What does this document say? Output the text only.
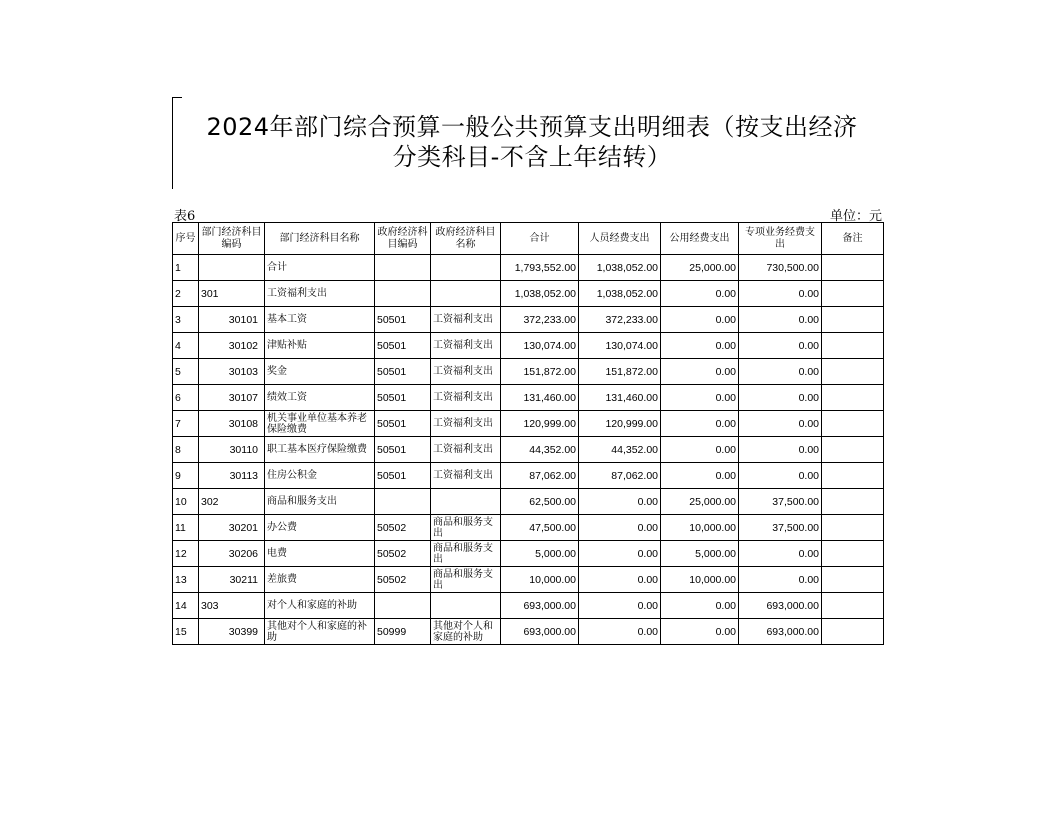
2024年部门综合预算一般公共预算支出明细表（按支出经济
分类科目-不含上年结转）
表6	单位：元
序号	部门经济科目编码	部门经济科目名称	政府经济科目编码	政府经济科目名称	合计	人员经费支出	公用经费支出	专项业务经费支出	备注
1		合计			1,793,552.00	1,038,052.00	25,000.00	730,500.00	
2	301	工资福利支出			1,038,052.00	1,038,052.00	0.00	0.00	
3	30101	基本工资	50501	工资福利支出	372,233.00	372,233.00	0.00	0.00	
4	30102	津贴补贴	50501	工资福利支出	130,074.00	130,074.00	0.00	0.00	
5	30103	奖金	50501	工资福利支出	151,872.00	151,872.00	0.00	0.00	
6	30107	绩效工资	50501	工资福利支出	131,460.00	131,460.00	0.00	0.00	
7	30108	机关事业单位基本养老保险缴费	50501	工资福利支出	120,999.00	120,999.00	0.00	0.00	
8	30110	职工基本医疗保险缴费	50501	工资福利支出	44,352.00	44,352.00	0.00	0.00	
9	30113	住房公积金	50501	工资福利支出	87,062.00	87,062.00	0.00	0.00	
10	302	商品和服务支出			62,500.00	0.00	25,000.00	37,500.00	
11	30201	办公费	50502	商品和服务支出	47,500.00	0.00	10,000.00	37,500.00	
12	30206	电费	50502	商品和服务支出	5,000.00	0.00	5,000.00	0.00	
13	30211	差旅费	50502	商品和服务支出	10,000.00	0.00	10,000.00	0.00	
14	303	对个人和家庭的补助			693,000.00	0.00	0.00	693,000.00	
15	30399	其他对个人和家庭的补助	50999	其他对个人和家庭的补助	693,000.00	0.00	0.00	693,000.00	
